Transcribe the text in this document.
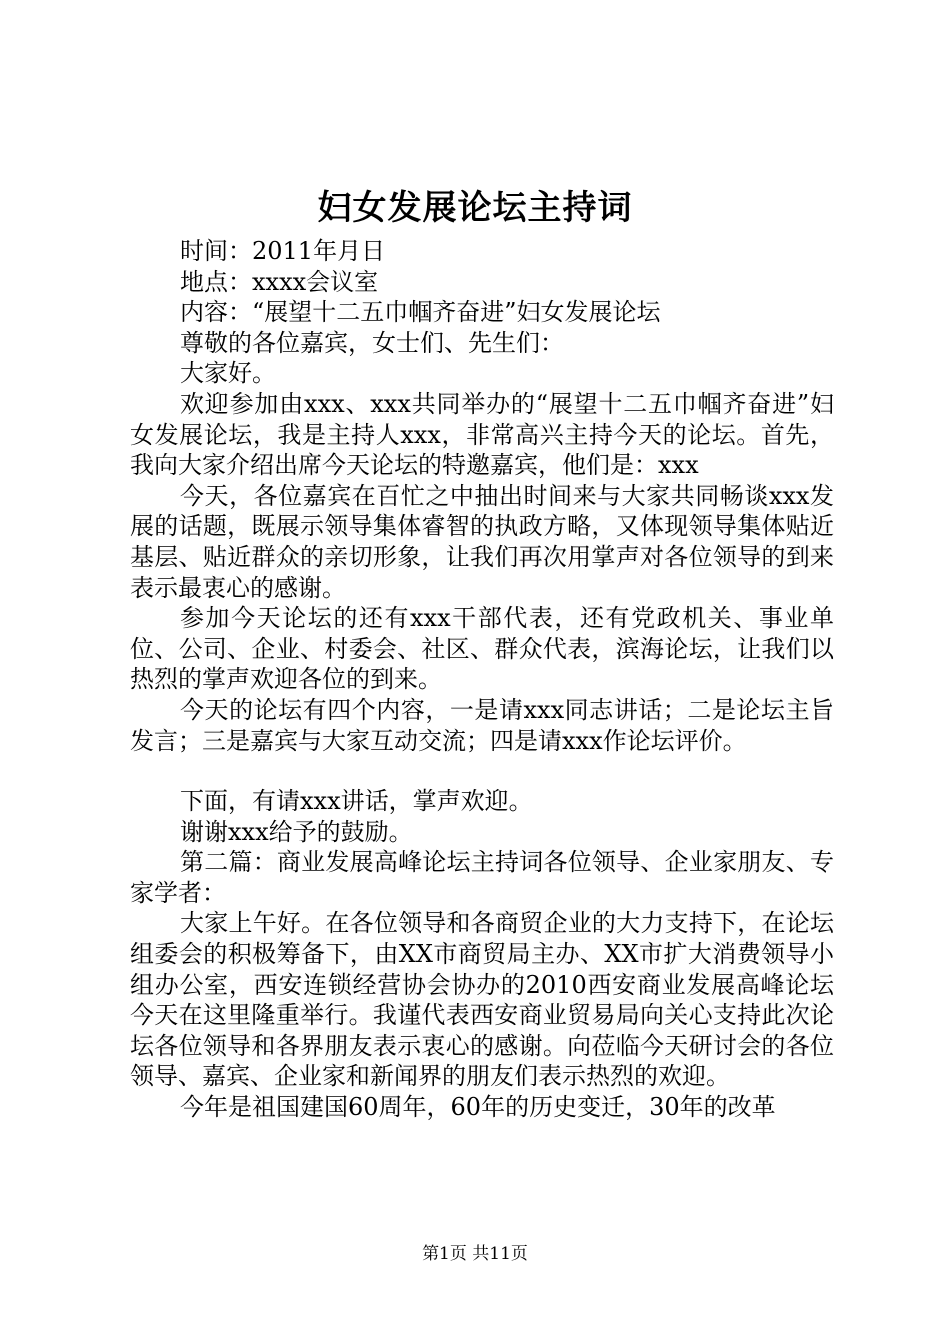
妇女发展论坛主持词
时间：2011年月日
地点：xxxx会议室
内容：“展望十二五巾帼齐奋进”妇女发展论坛
尊敬的各位嘉宾，女士们、先生们：
大家好。

欢迎参加由xxx、xxx共同举办的“展望十二五巾帼齐奋进”妇女发展论坛，我是主持人xxx，非常高兴主持今天的论坛。首先，我向大家介绍出席今天论坛的特邀嘉宾，他们是：xxx

今天，各位嘉宾在百忙之中抽出时间来与大家共同畅谈xxx发展的话题，既展示领导集体睿智的执政方略，又体现领导集体贴近基层、贴近群众的亲切形象，让我们再次用掌声对各位领导的到来表示最衷心的感谢。

参加今天论坛的还有xxx干部代表，还有党政机关、事业单位、公司、企业、村委会、社区、群众代表，滨海论坛，让我们以热烈的掌声欢迎各位的到来。

今天的论坛有四个内容，一是请xxx同志讲话；二是论坛主旨发言；三是嘉宾与大家互动交流；四是请xxx作论坛评价。

下面，有请xxx讲话，掌声欢迎。
谢谢xxx给予的鼓励。

第二篇：商业发展高峰论坛主持词各位领导、企业家朋友、专家学者：

大家上午好。在各位领导和各商贸企业的大力支持下，在论坛组委会的积极筹备下，由XX市商贸局主办、XX市扩大消费领导小组办公室，西安连锁经营协会协办的2010西安商业发展高峰论坛今天在这里隆重举行。我谨代表西安商业贸易局向关心支持此次论坛各位领导和各界朋友表示衷心的感谢。向莅临今天研讨会的各位领导、嘉宾、企业家和新闻界的朋友们表示热烈的欢迎。

今年是祖国建国60周年，60年的历史变迁，30年的改革

第1页 共11页
